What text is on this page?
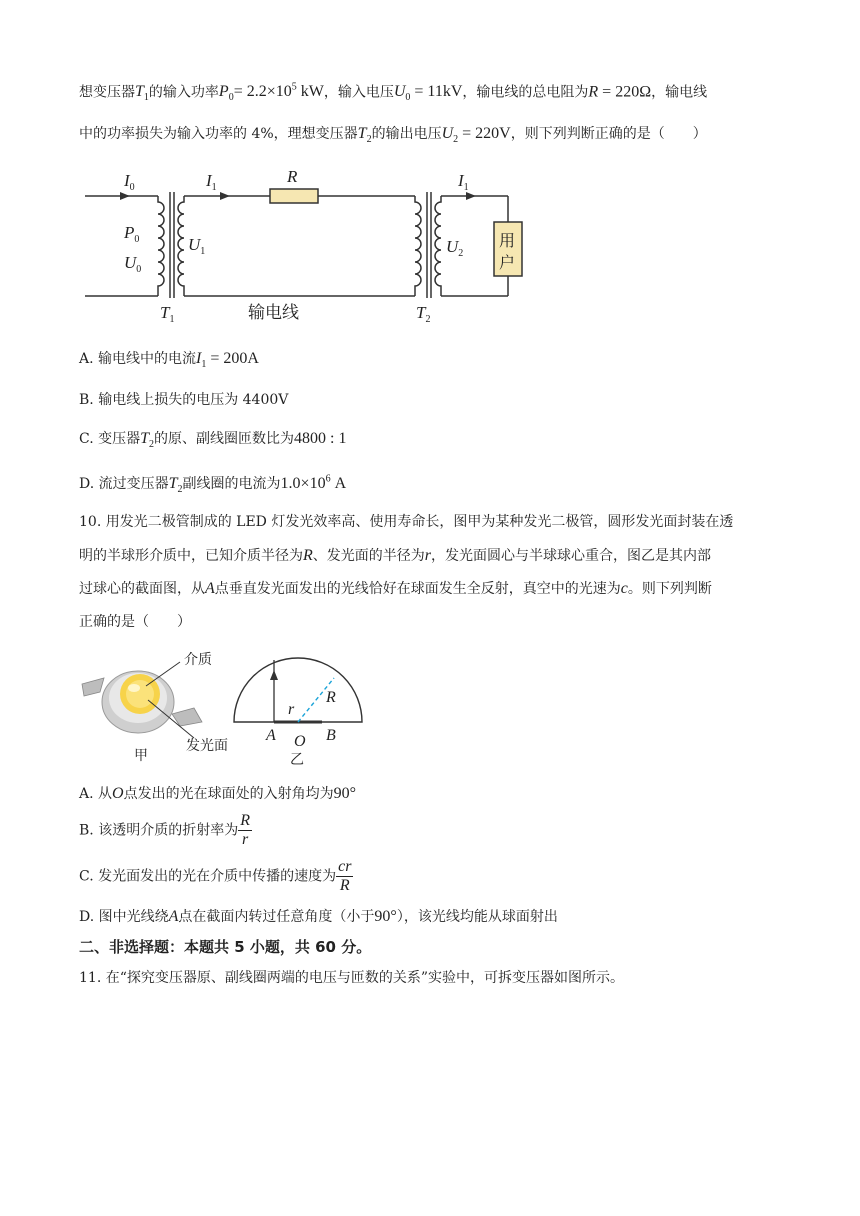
想变压器$T_1$的输入功率$P_0= 2.2\times 10^5$ kW，输入电压$U_0 = 11kV$，输电线的总电阻为R = 220Ω，输电线
中的功率损失为输入功率的 4%，理想变压器$T_2$的输出电压$U_2 = 220V$，则下列判断正确的是（　　）
$I_0$	$I_1$
R	$I_1$
$P_0$
$U_0$
$U_1$	$U_2$
$T_1$	$T_2$
输电线
用
户
A. 输电线中的电流$I_1 = 200A$
B. 输电线上损失的电压为 4400V
C. 变压器$T_2$的原、副线圈匝数比为4800 : 1
D. 流过变压器$T_2$副线圈的电流为$1.0\times 10^6$ A
10. 用发光二极管制成的 LED 灯发光效率高、使用寿命长，图甲为某种发光二极管，圆形发光面封装在透
明的半球形介质中，已知介质半径为R、发光面的半径为r，发光面圆心与半球球心重合，图乙是其内部
过球心的截面图，从A点垂直发光面发出的光线恰好在球面发生全反射，真空中的光速为c。则下列判断
正确的是（　　）
介质
发光面
甲
r
R
A O B
乙
A. 从O点发出的光在球面处的入射角均为90°
B. 该透明介质的折射率为 $\frac{R}{r}$
C. 发光面发出的光在介质中传播的速度为 $\frac{cr}{R}$
D. 图中光线绕A点在截面内转过任意角度（小于90°），该光线均能从球面射出
二、非选择题：本题共 5 小题，共 60 分。
11. 在“探究变压器原、副线圈两端的电压与匝数的关系”实验中，可拆变压器如图所示。
